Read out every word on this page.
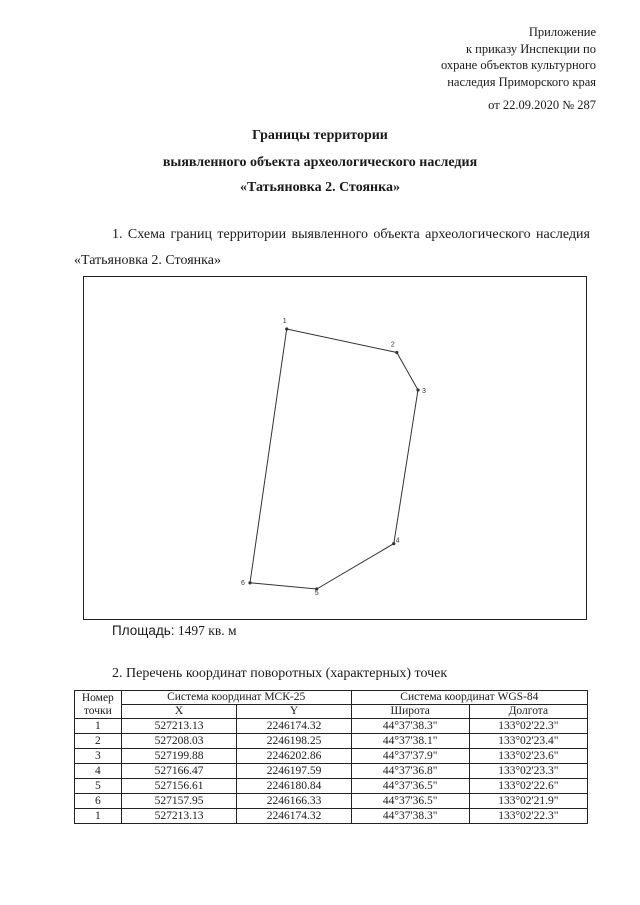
Приложение
к приказу Инспекции по
охране объектов культурного
наследия Приморского края
от 22.09.2020 № 287
Границы территории
выявленного объекта археологического наследия
«Татьяновка 2. Стоянка»
1. Схема границ территории выявленного объекта археологического наследия «Татьяновка 2. Стоянка»
1
2
3
4
5
6
Площадь: 1497 кв. м
2. Перечень координат поворотных (характерных) точек
Номер точки	Система координат МСК-25		Система координат WGS-84	
	X	Y	Широта	Долгота
1	527213.13	2246174.32	44°37'38.3"	133°02'22.3"
2	527208.03	2246198.25	44°37'38.1"	133°02'23.4"
3	527199.88	2246202.86	44°37'37.9"	133°02'23.6"
4	527166.47	2246197.59	44°37'36.8"	133°02'23.3"
5	527156.61	2246180.84	44°37'36.5"	133°02'22.6"
6	527157.95	2246166.33	44°37'36.5"	133°02'21.9"
1	527213.13	2246174.32	44°37'38.3"	133°02'22.3"
